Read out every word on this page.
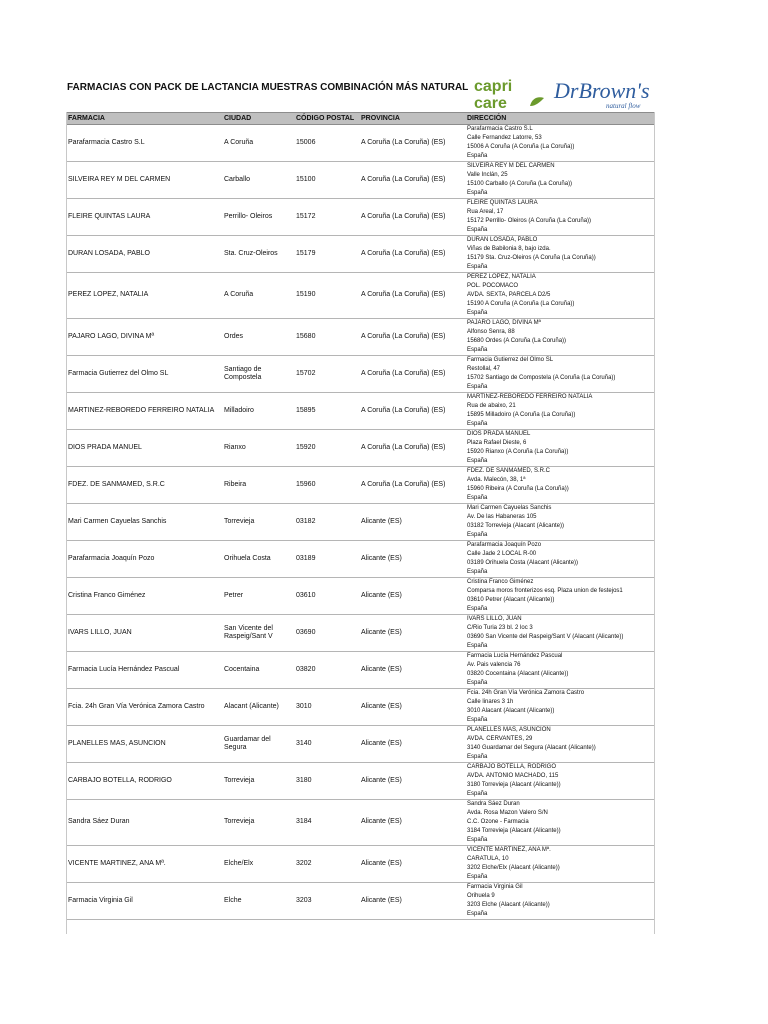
FARMACIAS CON PACK DE LACTANCIA MUESTRAS COMBINACIÓN MÁS NATURAL capri
care
DrBrown's
natural flow
FARMACIA	CIUDAD	CÓDIGO POSTAL	PROVINCIA	DIRECCIÓN
Parafarmacia Castro S.L	A Coruña	15006	A Coruña (La Coruña) (ES)	Parafarmacia Castro S.L
Calle Fernandez Latorre, 53
15006 A Coruña (A Coruña (La Coruña))
España

SILVEIRA REY M DEL CARMEN	Carballo	15100	A Coruña (La Coruña) (ES)	SILVEIRA REY M DEL CARMEN
Valle Inclán, 25
15100 Carballo (A Coruña (La Coruña))
España

FLEIRE QUINTAS LAURA	Perrillo- Oleiros	15172	A Coruña (La Coruña) (ES)	FLEIRE QUINTAS LAURA
Rua Areal, 17
15172 Perrillo- Oleiros (A Coruña (La Coruña))
España

DURAN LOSADA, PABLO	Sta. Cruz-Oleiros	15179	A Coruña (La Coruña) (ES)	DURAN LOSADA, PABLO
Viñas de Babilonia 8, bajo izda.
15179 Sta. Cruz-Oleiros (A Coruña (La Coruña))
España

PEREZ LOPEZ, NATALIA	A Coruña	15190	A Coruña (La Coruña) (ES)	PEREZ LOPEZ, NATALIA
POL. POCOMACO
AVDA. SEXTA, PARCELA D2/5
15190 A Coruña (A Coruña (La Coruña))
España

PAJARO LAGO, DIVINA Mª	Ordes	15680	A Coruña (La Coruña) (ES)	PAJARO LAGO, DIVINA Mª
Alfonso Senra, 88
15680 Ordes (A Coruña (La Coruña))
España

Farmacia Gutierrez del Olmo SL	Santiago de Compostela	15702	A Coruña (La Coruña) (ES)	Farmacia Gutierrez del Olmo SL
Restollal, 47
15702 Santiago de Compostela (A Coruña (La Coruña))
España

MARTINEZ-REBOREDO FERREIRO NATALIA	Milladoiro	15895	A Coruña (La Coruña) (ES)	MARTINEZ-REBOREDO FERREIRO NATALIA
Rua de abaixo, 21
15895 Milladoiro (A Coruña (La Coruña))
España

DIOS PRADA MANUEL	Rianxo	15920	A Coruña (La Coruña) (ES)	DIOS PRADA MANUEL
Plaza Rafael Dieste, 6
15920 Rianxo (A Coruña (La Coruña))
España

FDEZ. DE SANMAMED, S.R.C	Ribeira	15960	A Coruña (La Coruña) (ES)	FDEZ. DE SANMAMED, S.R.C
Avda. Malecón, 38, 1ª
15960 Ribeira (A Coruña (La Coruña))
España

Mari Carmen Cayuelas Sanchis	Torrevieja	03182	Alicante (ES)	Mari Carmen Cayuelas Sanchis
Av. De las Habaneras 105
03182 Torrevieja (Alacant (Alicante))
España

Parafarmacia Joaquín Pozo	Orihuela Costa	03189	Alicante (ES)	Parafarmacia Joaquín Pozo
Calle Jade 2 LOCAL R-00
03189 Orihuela Costa (Alacant (Alicante))
España

Cristina Franco Giménez	Petrer	03610	Alicante (ES)	Cristina Franco Giménez
Comparsa moros fronterizos esq. Plaza union de festejos1
03610 Petrer (Alacant (Alicante))
España

IVARS LILLO, JUAN	San Vicente del Raspeig/Sant V	03690	Alicante (ES)	IVARS LILLO, JUAN
C/Rio Turia 23 bl. 2 loc 3
03690 San Vicente del Raspeig/Sant V (Alacant (Alicante))
España

Farmacia Lucía Hernández Pascual	Cocentaina	03820	Alicante (ES)	Farmacia Lucía Hernández Pascual
Av. Pais valencia 76
03820 Cocentaina (Alacant (Alicante))
España

Fcia. 24h Gran Vía Verónica Zamora Castro	Alacant (Alicante)	3010	Alicante (ES)	Fcia. 24h Gran Vía Verónica Zamora Castro
Calle linares 3 1h
3010 Alacant (Alacant (Alicante))
España

PLANELLES MAS, ASUNCION	Guardamar del Segura	3140	Alicante (ES)	PLANELLES MAS, ASUNCION
AVDA. CERVANTES, 29
3140 Guardamar del Segura (Alacant (Alicante))
España

CARBAJO BOTELLA, RODRIGO	Torrevieja	3180	Alicante (ES)	CARBAJO BOTELLA, RODRIGO
AVDA. ANTONIO MACHADO, 115
3180 Torrevieja (Alacant (Alicante))
España

Sandra Sáez Duran	Torrevieja	3184	Alicante (ES)	Sandra Sáez Duran
Avda. Rosa Mazon Valero S/N
C.C. Ozone - Farmacia
3184 Torrevieja (Alacant (Alicante))
España

VICENTE MARTINEZ, ANA Mª.	Elche/Elx	3202	Alicante (ES)	VICENTE MARTINEZ, ANA Mª.
CARATULA, 10
3202 Elche/Elx (Alacant (Alicante))
España

Farmacia Virginia Gil	Elche	3203	Alicante (ES)	Farmacia Virginia Gil
Orihuela 9
3203 Elche (Alacant (Alicante))
España
